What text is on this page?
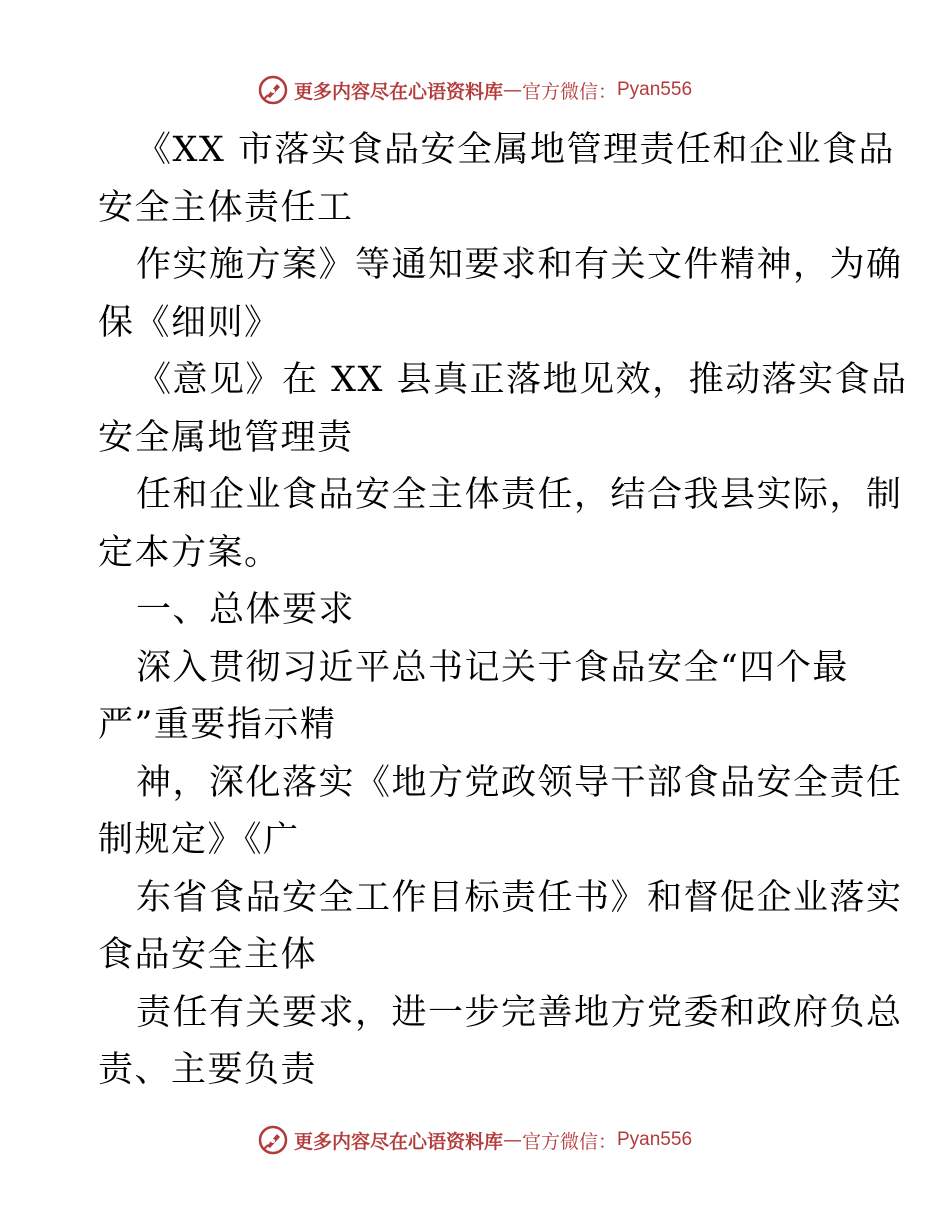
更多内容尽在心语资料库 — 官方微信： Pyan556
《XX 市落实食品安全属地管理责任和企业食品
安全主体责任工
作实施方案》等通知要求和有关文件精神，为确
保《细则》
《意见》在 XX 县真正落地见效，推动落实食品
安全属地管理责
任和企业食品安全主体责任，结合我县实际，制
定本方案。
一、总体要求
深入贯彻习近平总书记关于食品安全“四个最
严”重要指示精
神，深化落实《地方党政领导干部食品安全责任
制规定》《广
东省食品安全工作目标责任书》和督促企业落实
食品安全主体
责任有关要求，进一步完善地方党委和政府负总
责、主要负责
更多内容尽在心语资料库 — 官方微信： Pyan556
